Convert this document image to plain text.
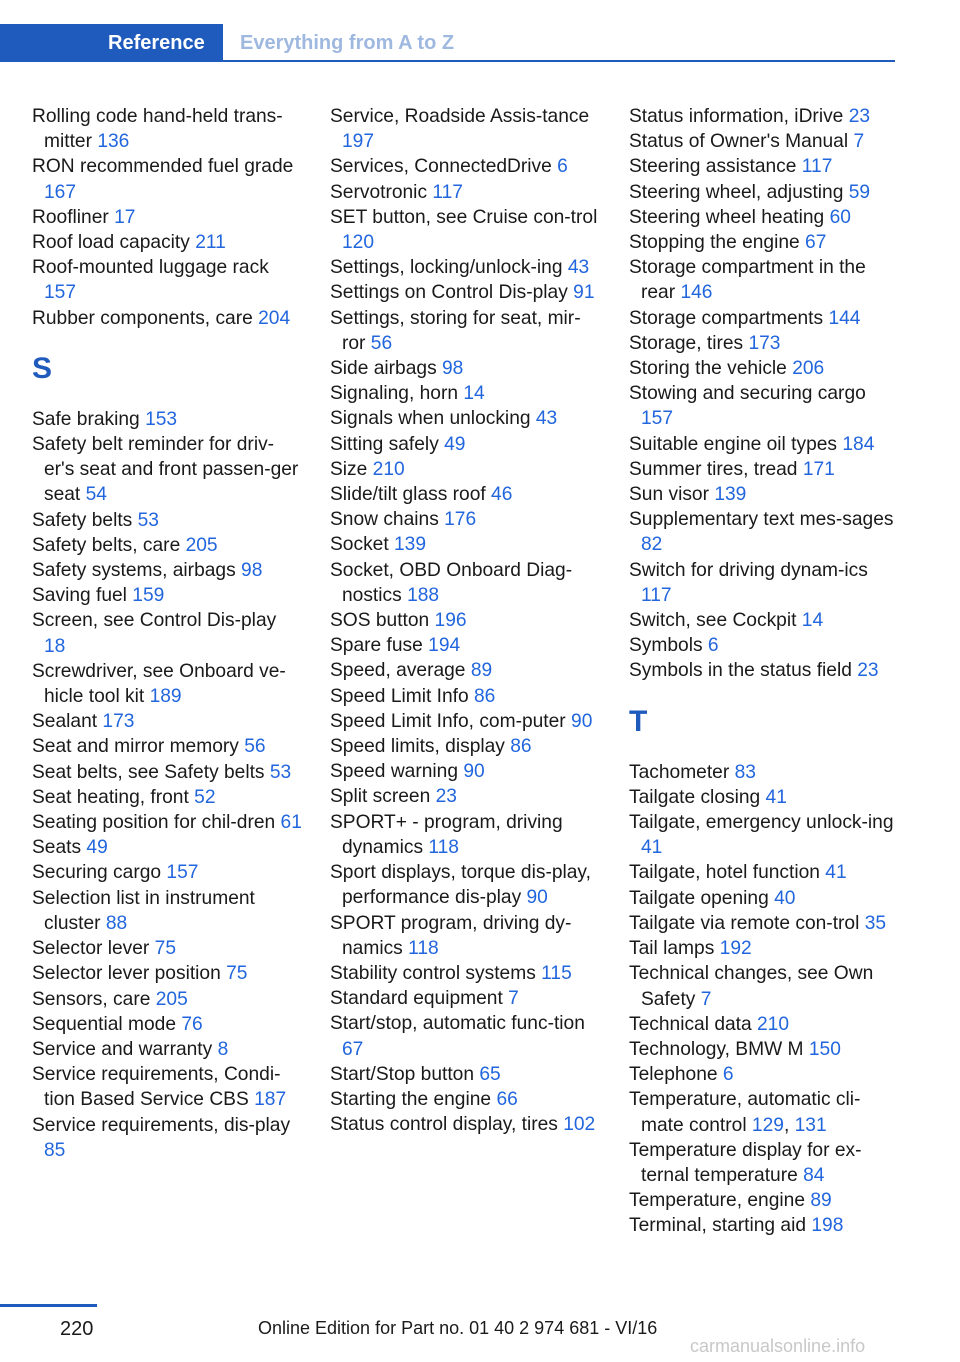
Reference	Everything from A to Z
Rolling code hand-held trans-mitter 136
RON recommended fuel grade 167
Roofliner 17
Roof load capacity 211
Roof-mounted luggage rack 157
Rubber components, care 204
S
Safe braking 153
Safety belt reminder for driv-er's seat and front passen-ger seat 54
Safety belts 53
Safety belts, care 205
Safety systems, airbags 98
Saving fuel 159
Screen, see Control Dis-play 18
Screwdriver, see Onboard ve-hicle tool kit 189
Sealant 173
Seat and mirror memory 56
Seat belts, see Safety belts 53
Seat heating, front 52
Seating position for chil-dren 61
Seats 49
Securing cargo 157
Selection list in instrument cluster 88
Selector lever 75
Selector lever position 75
Sensors, care 205
Sequential mode 76
Service and warranty 8
Service requirements, Condi-tion Based Service CBS 187
Service requirements, dis-play 85
Service, Roadside Assis-tance 197
Services, ConnectedDrive 6
Servotronic 117
SET button, see Cruise con-trol 120
Settings, locking/unlock-ing 43
Settings on Control Dis-play 91
Settings, storing for seat, mir-ror 56
Side airbags 98
Signaling, horn 14
Signals when unlocking 43
Sitting safely 49
Size 210
Slide/tilt glass roof 46
Snow chains 176
Socket 139
Socket, OBD Onboard Diag-nostics 188
SOS button 196
Spare fuse 194
Speed, average 89
Speed Limit Info 86
Speed Limit Info, com-puter 90
Speed limits, display 86
Speed warning 90
Split screen 23
SPORT+ - program, driving dynamics 118
Sport displays, torque dis-play, performance dis-play 90
SPORT program, driving dy-namics 118
Stability control systems 115
Standard equipment 7
Start/stop, automatic func-tion 67
Start/Stop button 65
Starting the engine 66
Status control display, tires 102
Status information, iDrive 23
Status of Owner's Manual 7
Steering assistance 117
Steering wheel, adjusting 59
Steering wheel heating 60
Stopping the engine 67
Storage compartment in the rear 146
Storage compartments 144
Storage, tires 173
Storing the vehicle 206
Stowing and securing cargo 157
Suitable engine oil types 184
Summer tires, tread 171
Sun visor 139
Supplementary text mes-sages 82
Switch for driving dynam-ics 117
Switch, see Cockpit 14
Symbols 6
Symbols in the status field 23
T
Tachometer 83
Tailgate closing 41
Tailgate, emergency unlock-ing 41
Tailgate, hotel function 41
Tailgate opening 40
Tailgate via remote con-trol 35
Tail lamps 192
Technical changes, see Own Safety 7
Technical data 210
Technology, BMW M 150
Telephone 6
Temperature, automatic cli-mate control 129, 131
Temperature display for ex-ternal temperature 84
Temperature, engine 89
Terminal, starting aid 198
220	Online Edition for Part no. 01 40 2 974 681 - VI/16
carmanualsonline.info
